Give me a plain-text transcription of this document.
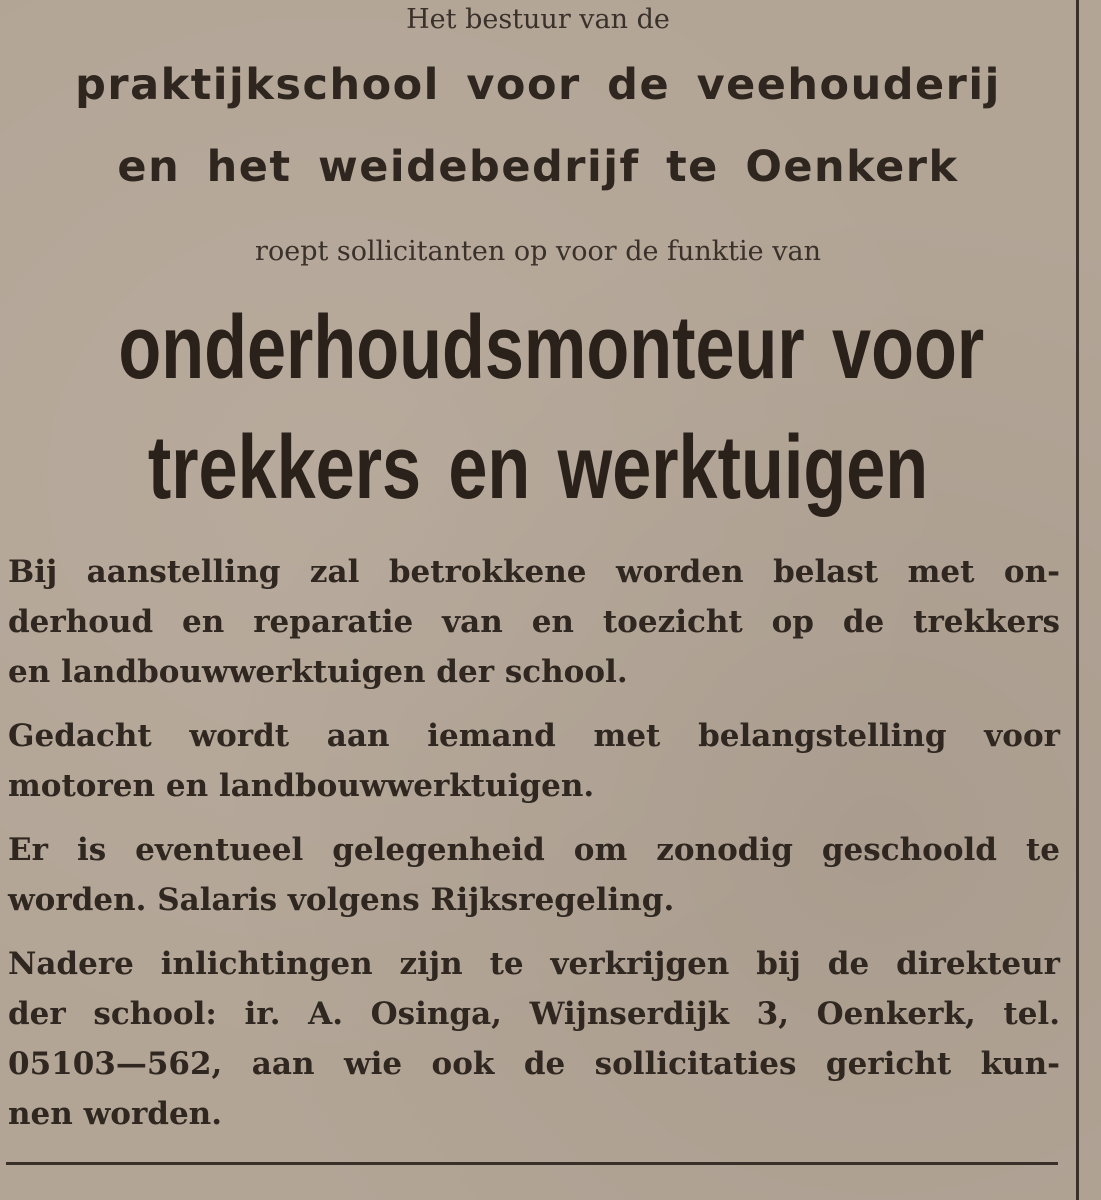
Het bestuur van de

praktijkschool voor de veehouderij

en het weidebedrijf te Oenkerk

roept sollicitanten op voor de funktie van

onderhoudsmonteur voor

trekkers en werktuigen

Bij aanstelling zal betrokkene worden belast met on-

derhoud en reparatie van en toezicht op de trekkers

en landbouwwerktuigen der school.

Gedacht wordt aan iemand met belangstelling voor

motoren en landbouwwerktuigen.

Er is eventueel gelegenheid om zonodig geschoold te

worden. Salaris volgens Rijksregeling.

Nadere inlichtingen zijn te verkrijgen bij de direkteur

der school: ir. A. Osinga, Wijnserdijk 3, Oenkerk, tel.

05103—562, aan wie ook de sollicitaties gericht kun-

nen worden.
